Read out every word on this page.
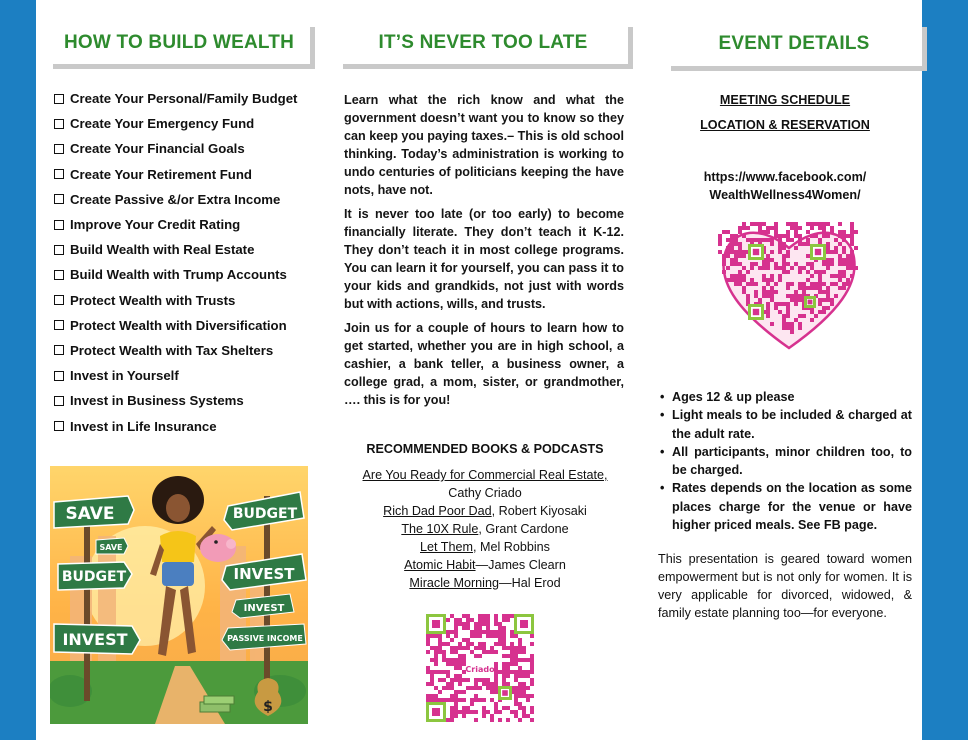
HOW TO BUILD WEALTH
Create Your Personal/Family Budget
Create Your Emergency Fund
Create Your Financial Goals
Create Your Retirement Fund
Create Passive &/or Extra Income
Improve Your Credit Rating
Build Wealth with Real Estate
Build Wealth with Trump Accounts
Protect Wealth with Trusts
Protect Wealth with Diversification
Protect Wealth with Tax Shelters
Invest in Yourself
Invest in Business Systems
Invest in Life Insurance
SAVE
SAVE
BUDGET
INVEST
BUDGET
INVEST
INVEST
PASSIVE INCOME
$
IT’S NEVER TOO LATE

Learn what the rich know and what the government doesn’t want you to know so they can keep you paying taxes.– This is old school thinking. Today’s administration is working to undo centuries of politicians keeping the have nots, have not.

It is never too late (or too early) to become financially literate. They don’t teach it K-12. They don’t teach it in most college programs. You can learn it for yourself, you can pass it to your kids and grandkids, not just with words but with actions, wills, and trusts.

Join us for a couple of hours to learn how to get started, whether you are in high school, a cashier, a bank teller, a business owner, a college grad, a mom, sister, or grandmother, …. this is for you!

RECOMMENDED BOOKS & PODCASTS
Are You Ready for Commercial Real Estate,
Cathy Criado
Rich Dad Poor Dad, Robert Kiyosaki
The 10X Rule, Grant Cardone
Let Them, Mel Robbins
Atomic Habit—James Clearn
Miracle Morning—Hal Erod
Criado
EVENT DETAILS
MEETING SCHEDULE
LOCATION & RESERVATION
https://www.facebook.com/
WealthWellness4Women/
• Ages 12 & up please
• Light meals to be included & charged at the adult rate.
• All participants, minor children too, to be charged.
• Rates depends on the location as some places charge for the venue or have higher priced meals. See FB page.

This presentation is geared toward women empowerment but is not only for women. It is very applicable for divorced, widowed, & family estate planning too—for everyone.
